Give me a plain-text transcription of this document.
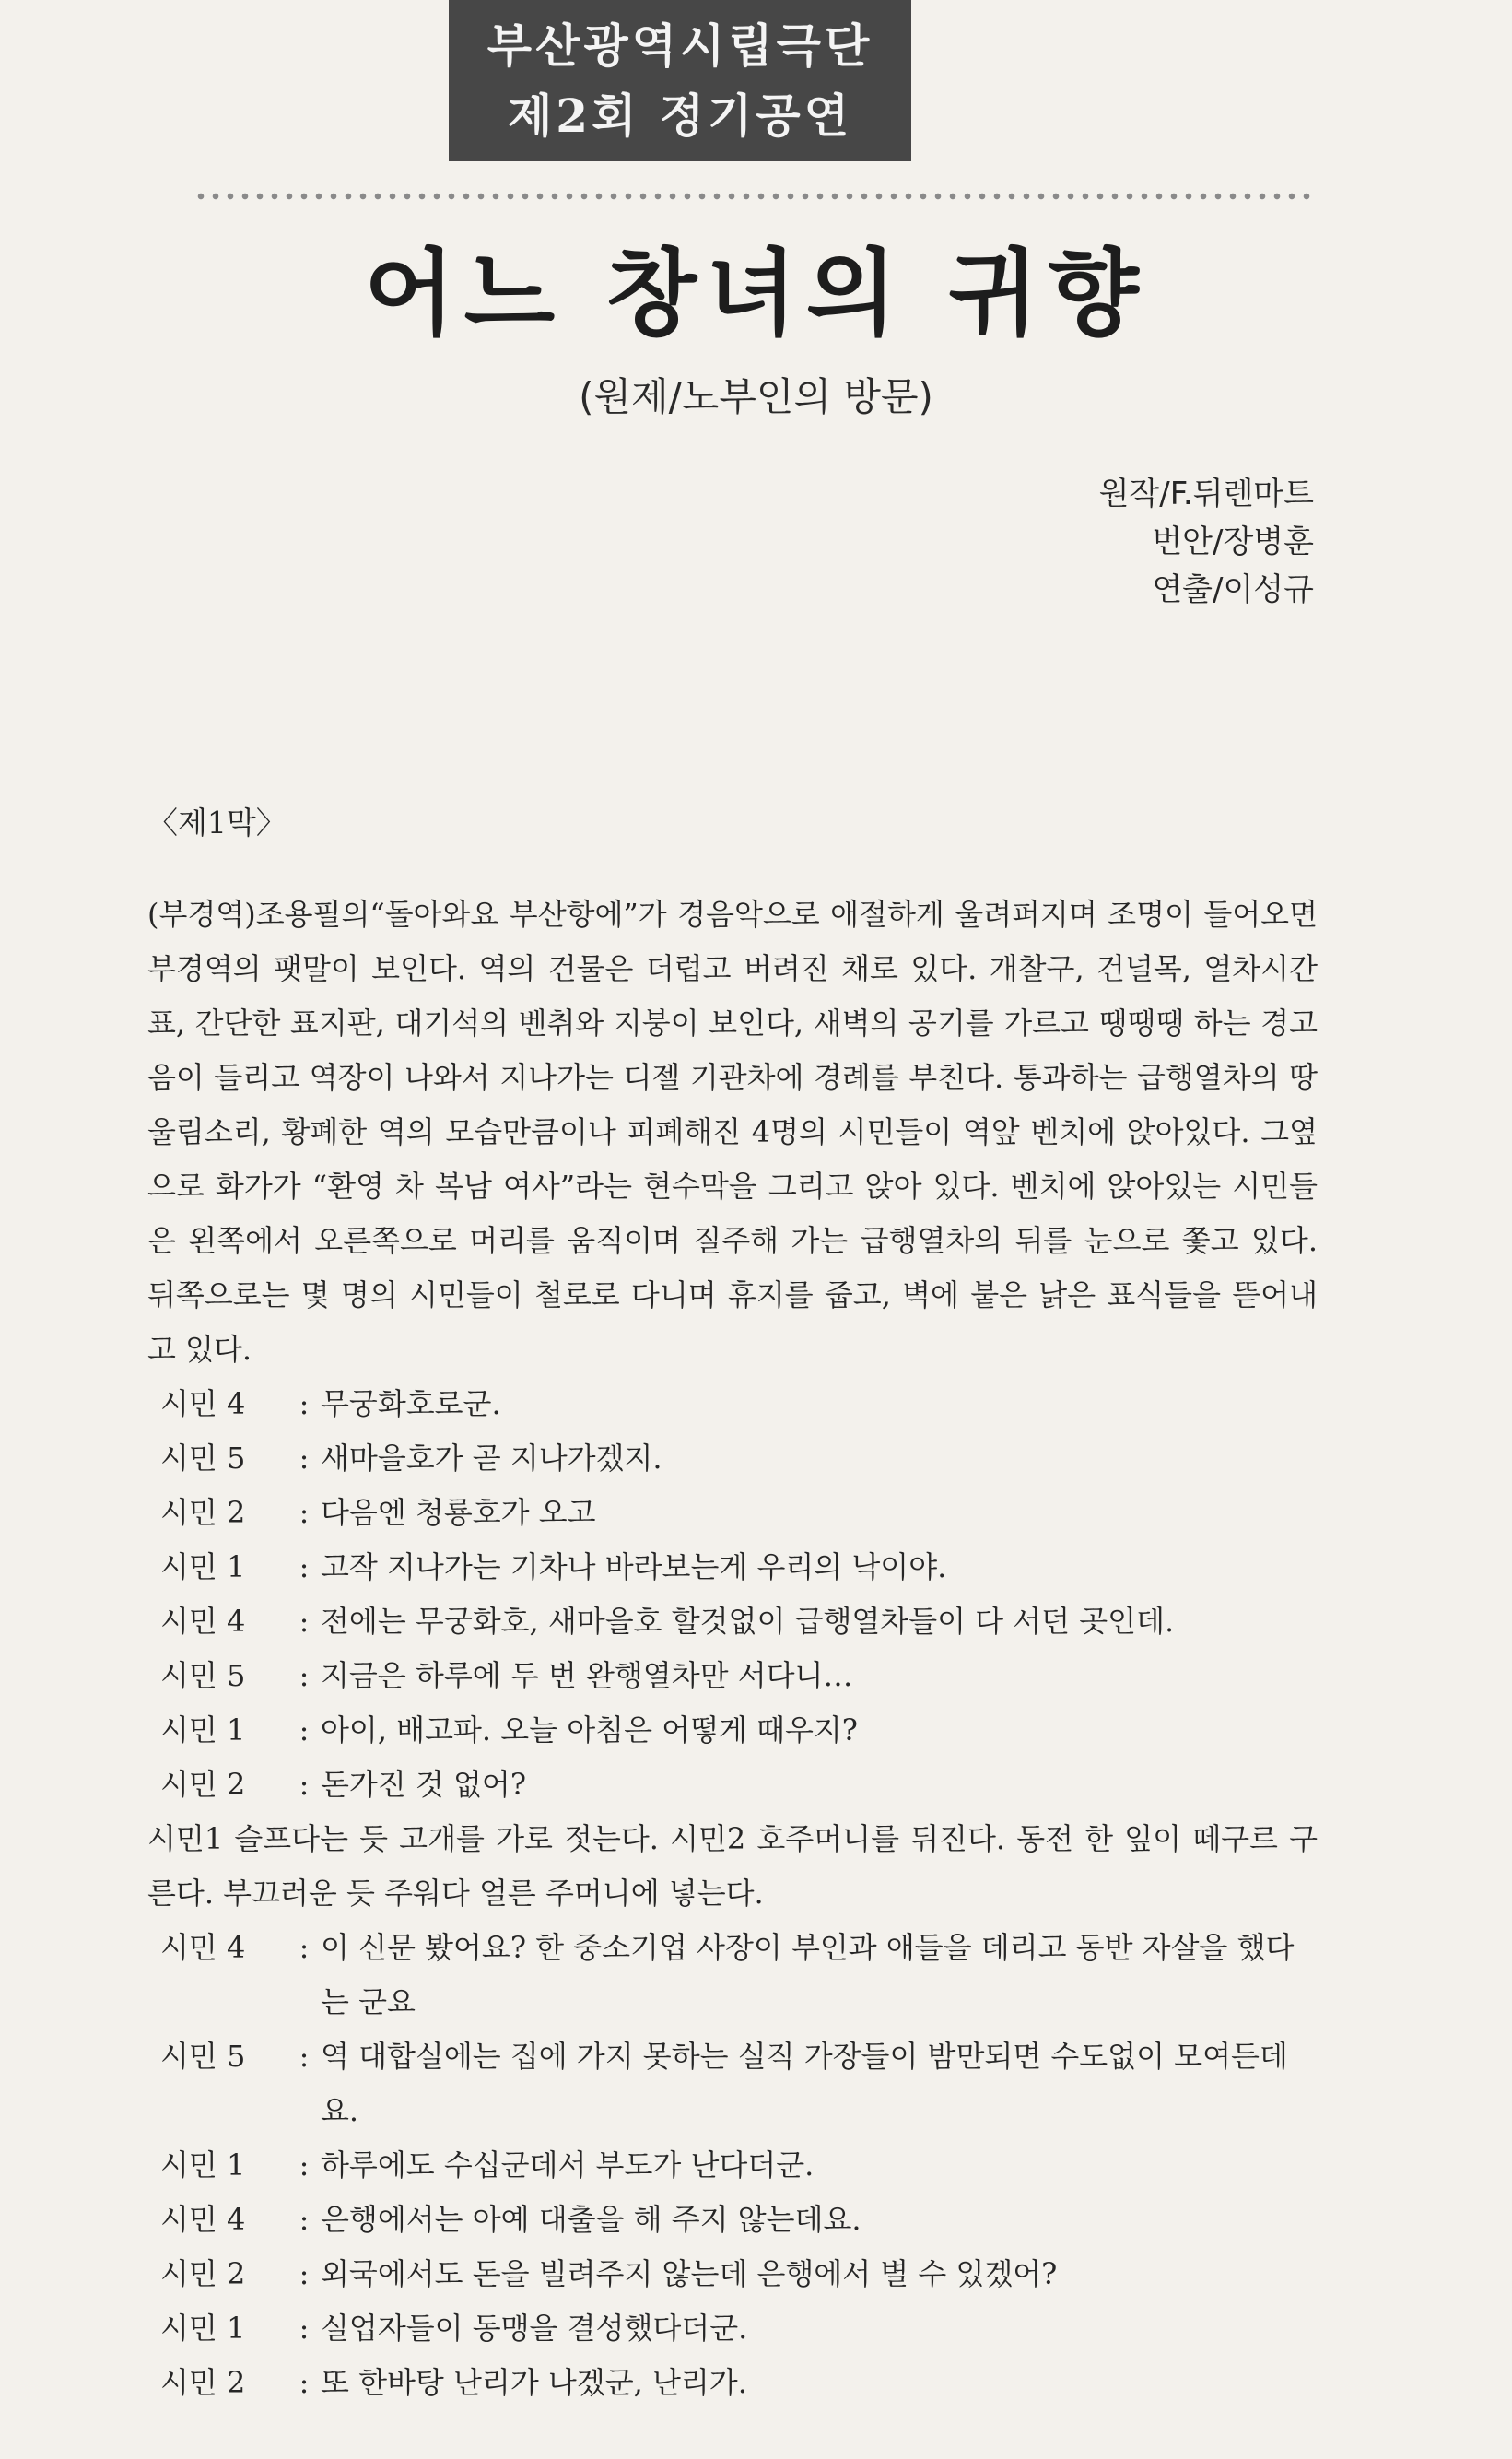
부산광역시립극단
제2회 정기공연
어느 창녀의 귀향
(원제/노부인의 방문)
원작/F.뒤렌마트
번안/장병훈
연출/이성규
〈제1막〉

(부경역)조용필의“돌아와요 부산항에”가 경음악으로 애절하게 울려퍼지며 조명이 들어오면 부경역의 팻말이 보인다. 역의 건물은 더럽고 버려진 채로 있다. 개찰구, 건널목, 열차시간표, 간단한 표지판, 대기석의 벤취와 지붕이 보인다, 새벽의 공기를 가르고 땡땡땡 하는 경고음이 들리고 역장이 나와서 지나가는 디젤 기관차에 경례를 부친다. 통과하는 급행열차의 땅울림소리, 황폐한 역의 모습만큼이나 피폐해진 4명의 시민들이 역앞 벤치에 앉아있다. 그옆으로 화가가 “환영 차 복남 여사”라는 현수막을 그리고 앉아 있다. 벤치에 앉아있는 시민들은 왼쪽에서 오른쪽으로 머리를 움직이며 질주해 가는 급행열차의 뒤를 눈으로 쫓고 있다. 뒤쪽으로는 몇 명의 시민들이 철로로 다니며 휴지를 줍고, 벽에 붙은 낡은 표식들을 뜯어내고 있다.

시민 4	: 무궁화호로군.
시민 5	: 새마을호가 곧 지나가겠지.
시민 2	: 다음엔 청룡호가 오고
시민 1	: 고작 지나가는 기차나 바라보는게 우리의 낙이야.
시민 4	: 전에는 무궁화호, 새마을호 할것없이 급행열차들이 다 서던 곳인데.
시민 5	: 지금은 하루에 두 번 완행열차만 서다니…
시민 1	: 아이, 배고파. 오늘 아침은 어떻게 때우지?
시민 2	: 돈가진 것 없어?

시민1 슬프다는 듯 고개를 가로 젓는다. 시민2 호주머니를 뒤진다. 동전 한 잎이 떼구르 구른다. 부끄러운 듯 주워다 얼른 주머니에 넣는다.

시민 4	: 이 신문 봤어요? 한 중소기업 사장이 부인과 애들을 데리고 동반 자살을 했다는 군요
시민 5	: 역 대합실에는 집에 가지 못하는 실직 가장들이 밤만되면 수도없이 모여든데요.
시민 1	: 하루에도 수십군데서 부도가 난다더군.
시민 4	: 은행에서는 아예 대출을 해 주지 않는데요.
시민 2	: 외국에서도 돈을 빌려주지 않는데 은행에서 별 수 있겠어?
시민 1	: 실업자들이 동맹을 결성했다더군.
시민 2	: 또 한바탕 난리가 나겠군, 난리가.
